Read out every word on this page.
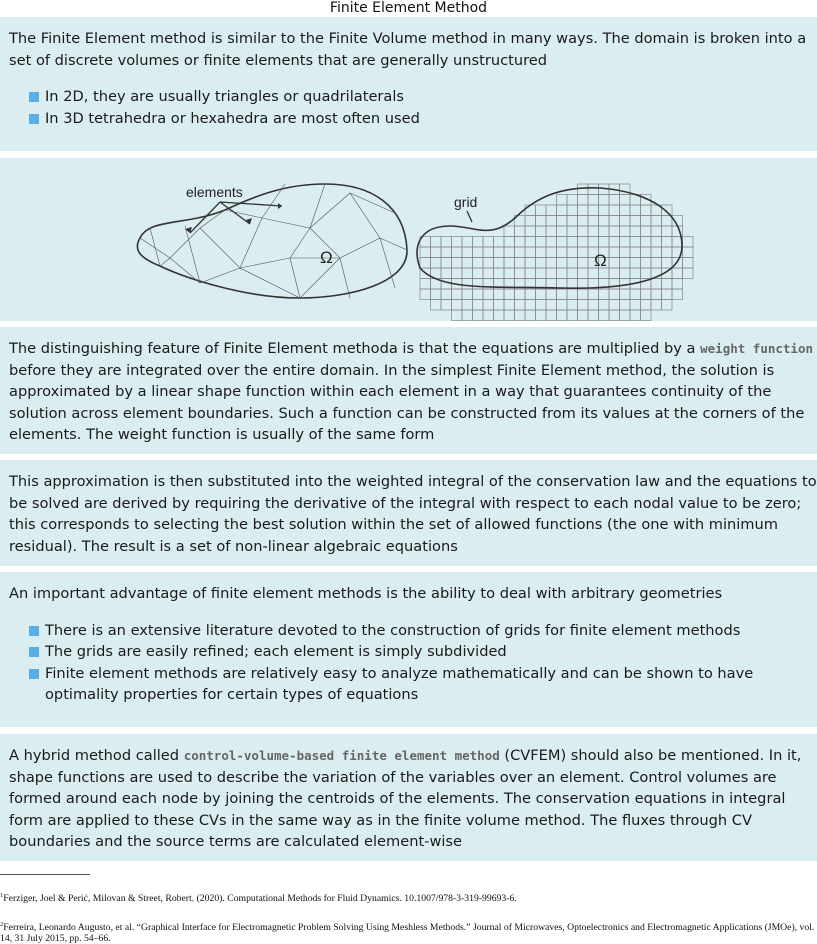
Finite Element Method

The Finite Element method is similar to the Finite Volume method in many ways. The domain is broken into a set of discrete volumes or finite elements that are generally unstructured

In 2D, they are usually triangles or quadrilaterals
In 3D tetrahedra or hexahedra are most often used
elements
Ω
grid
Ω

The distinguishing feature of Finite Element methoda is that the equations are multiplied by a weight function before they are integrated over the entire domain. In the simplest Finite Element method, the solution is approximated by a linear shape function within each element in a way that guarantees continuity of the solution across element boundaries. Such a function can be constructed from its values at the corners of the elements. The weight function is usually of the same form

This approximation is then substituted into the weighted integral of the conservation law and the equations to be solved are derived by requiring the derivative of the integral with respect to each nodal value to be zero; this corresponds to selecting the best solution within the set of allowed functions (the one with minimum residual). The result is a set of non-linear algebraic equations

An important advantage of finite element methods is the ability to deal with arbitrary geometries

There is an extensive literature devoted to the construction of grids for finite element methods
The grids are easily refined; each element is simply subdivided
Finite element methods are relatively easy to analyze mathematically and can be shown to have optimality properties for certain types of equations

A hybrid method called control-volume-based finite element method (CVFEM) should also be mentioned. In it, shape functions are used to describe the variation of the variables over an element. Control volumes are formed around each node by joining the centroids of the elements. The conservation equations in integral form are applied to these CVs in the same way as in the finite volume method. The fluxes through CV boundaries and the source terms are calculated element-wise

$^1$Ferziger, Joel & Perić, Milovan & Street, Robert. (2020). Computational Methods for Fluid Dynamics. 10.1007/978-3-319-99693-6.
$^2$Ferreira, Leonardo Augusto, et al. “Graphical Interface for Electromagnetic Problem Solving Using Meshless Methods.” Journal of Microwaves, Optoelectronics and Electromagnetic Applications (JMOe), vol. 14, 31 July 2015, pp. 54–66.
